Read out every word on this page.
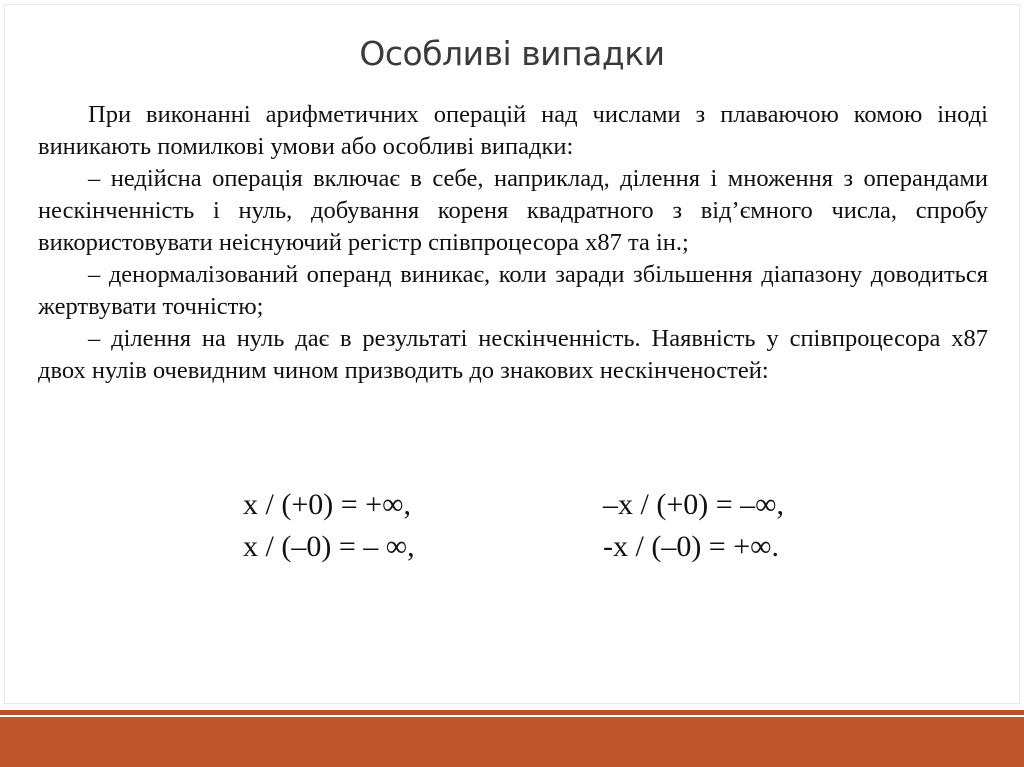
Особливі випадки

При виконанні арифметичних операцій над числами з плаваючою комою іноді виникають помилкові умови або особливі випадки:

– недійсна операція включає в себе, наприклад, ділення і множення з операндами нескінченність і нуль, добування кореня квадратного з від’ємного числа, спробу використовувати неіснуючий регістр співпроцесора x87 та ін.;

– денормалізований операнд виникає, коли заради збільшення діапазону доводиться жертвувати точністю;

– ділення на нуль дає в результаті нескінченність. Наявність у співпроцесора x87 двох нулів очевидним чином призводить до знакових нескінченостей:

x / (+0) = +∞,	–x / (+0) = –∞,
x / (–0) = – ∞,	-x / (–0) = +∞.
